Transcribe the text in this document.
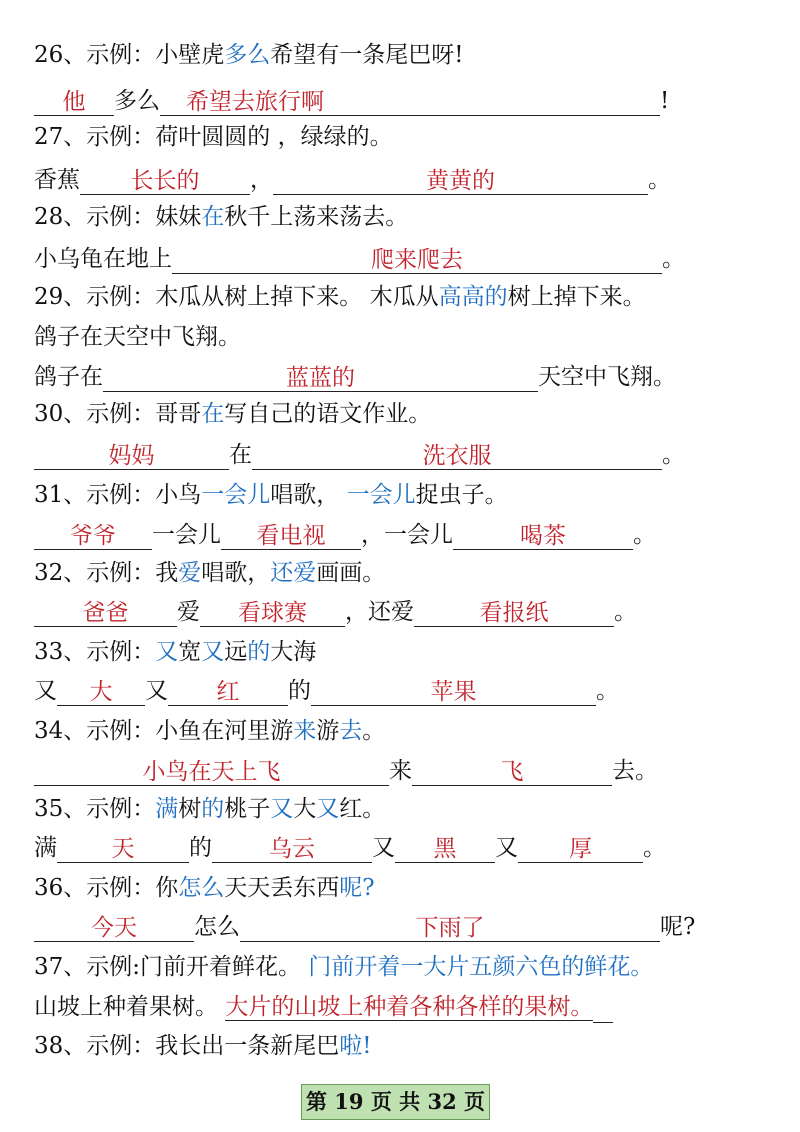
26、示例：小壁虎多么希望有一条尾巴呀!
他 多么 希望去旅行啊	!
27、示例：荷叶圆圆的 ，绿绿的。
香蕉 长长的 ，	黄黄的	。
28、示例：妹妹在秋千上荡来荡去。
小乌龟在地上	爬来爬去	。
29、示例：木瓜从树上掉下来。 木瓜从高高的树上掉下来。
鸽子在天空中飞翔。
鸽子在	蓝蓝的	天空中飞翔。
30、示例：哥哥在写自己的语文作业。
妈妈	在	洗衣服	。
31、示例：小鸟一会儿唱歌， 一会儿捉虫子。
爷爷 一会儿 看电视 ，一会儿	喝茶	。
32、示例：我爱唱歌，还爱画画。
爸爸 爱 看球赛 ，还爱	看报纸	。
33、示例：又宽又远的大海
又 大 又 红 的	苹果	。
34、示例：小鱼在河里游来游去。
小鸟在天上飞	来	飞	去。
35、示例：满树的桃子又大又红。
满 天 的 乌云 又 黑 又 厚 。
36、示例：你怎么天天丢东西呢?
今天 怎么	下雨了	呢?
37、示例:门前开着鲜花。 门前开着一大片五颜六色的鲜花。
山坡上种着果树。 大片的山坡上种着各种各样的果树。
38、示例：我长出一条新尾巴啦!
第 19 页 共 32 页
